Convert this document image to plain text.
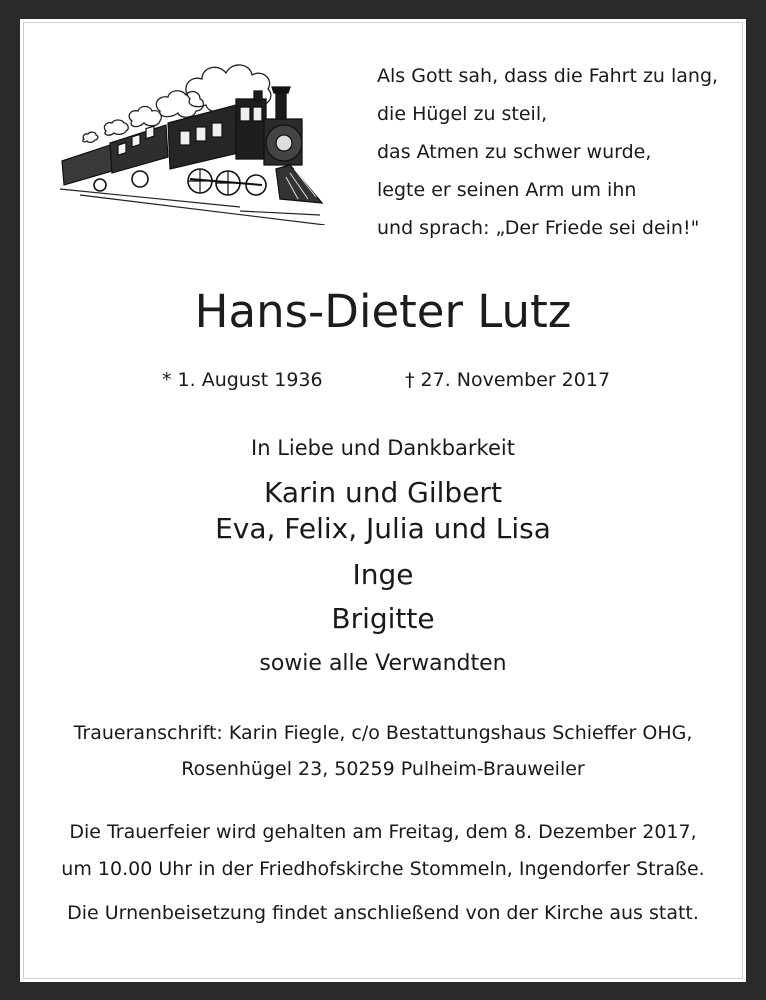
Als Gott sah, dass die Fahrt zu lang,
die Hügel zu steil,
das Atmen zu schwer wurde,
legte er seinen Arm um ihn
und sprach: „Der Friede sei dein!"
Hans-Dieter Lutz
* 1. August 1936	† 27. November 2017
In Liebe und Dankbarkeit
Karin und Gilbert
Eva, Felix, Julia und Lisa
Inge
Brigitte
sowie alle Verwandten
Traueranschrift: Karin Fiegle, c/o Bestattungshaus Schieffer OHG,
Rosenhügel 23, 50259 Pulheim-Brauweiler
Die Trauerfeier wird gehalten am Freitag, dem 8. Dezember 2017,
um 10.00 Uhr in der Friedhofskirche Stommeln, Ingendorfer Straße.
Die Urnenbeisetzung findet anschließend von der Kirche aus statt.
